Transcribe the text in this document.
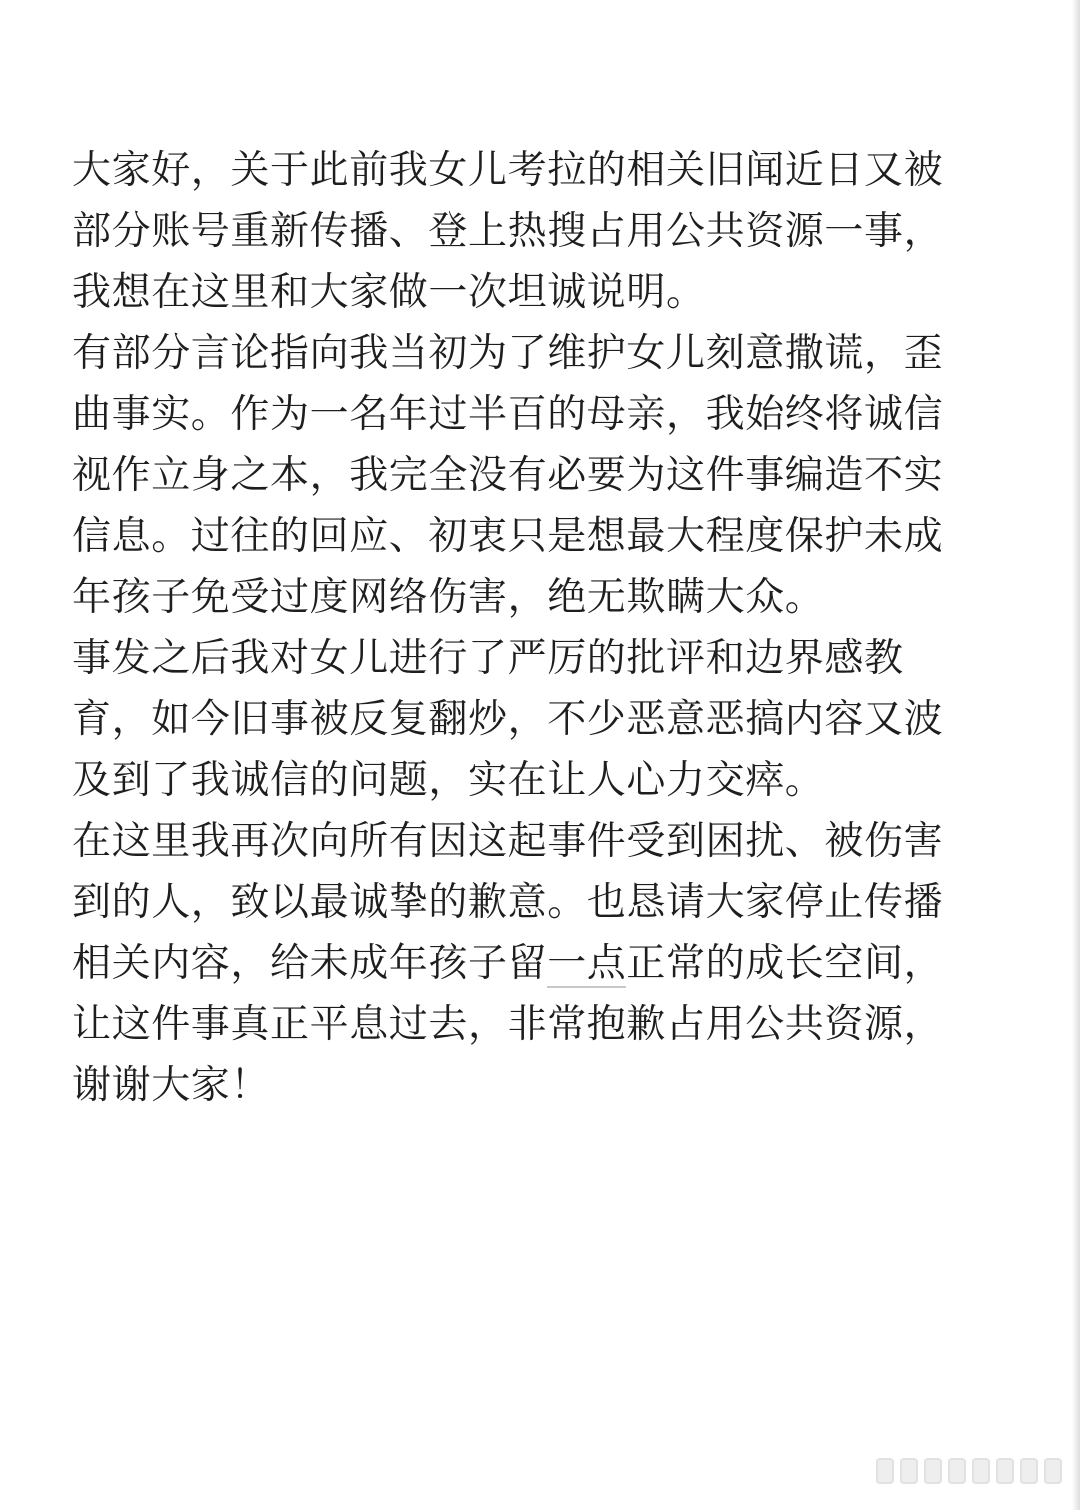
大家好，关于此前我女儿考拉的相关旧闻近日又被
部分账号重新传播、登上热搜占用公共资源一事，
我想在这里和大家做一次坦诚说明。
有部分言论指向我当初为了维护女儿刻意撒谎，歪
曲事实。作为一名年过半百的母亲，我始终将诚信
视作立身之本，我完全没有必要为这件事编造不实
信息。过往的回应、初衷只是想最大程度保护未成
年孩子免受过度网络伤害，绝无欺瞒大众。
事发之后我对女儿进行了严厉的批评和边界感教
育，如今旧事被反复翻炒，不少恶意恶搞内容又波
及到了我诚信的问题，实在让人心力交瘁。
在这里我再次向所有因这起事件受到困扰、被伤害
到的人，致以最诚挚的歉意。也恳请大家停止传播
相关内容，给未成年孩子留一点正常的成长空间，
让这件事真正平息过去，非常抱歉占用公共资源，
谢谢大家！
